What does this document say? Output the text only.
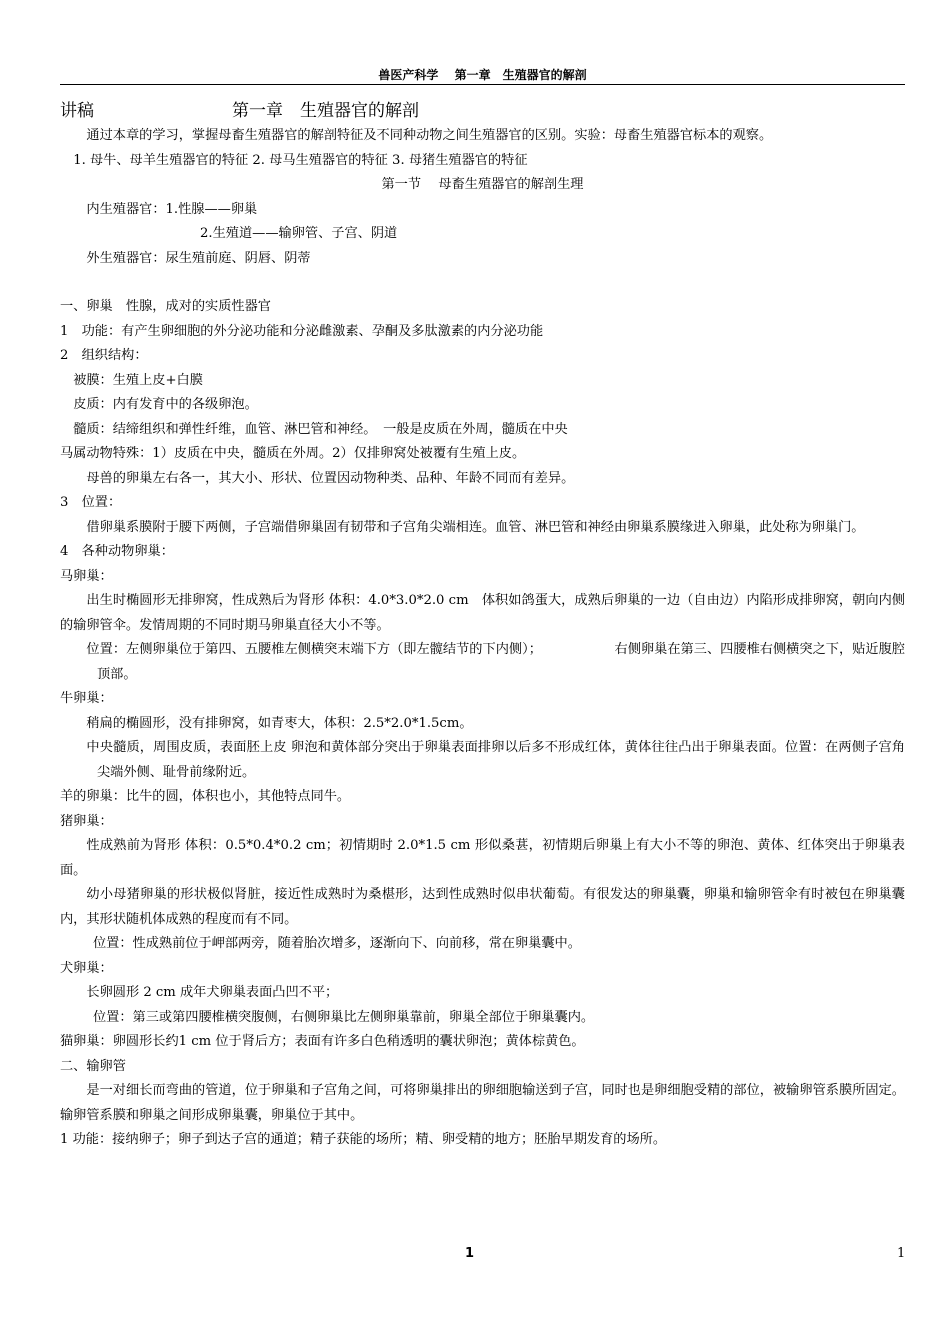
兽医产科学　 第一章　生殖器官的解剖

讲稿	第一章　生殖器官的解剖

通过本章的学习，掌握母畜生殖器官的解剖特征及不同种动物之间生殖器官的区别。实验：母畜生殖器官标本的观察。

1. 母牛、母羊生殖器官的特征 2. 母马生殖器官的特征 3. 母猪生殖器官的特征

第一节　 母畜生殖器官的解剖生理

内生殖器官：1.性腺——卵巢

2.生殖道——输卵管、子宫、阴道

外生殖器官：尿生殖前庭、阴唇、阴蒂

一、卵巢　性腺，成对的实质性器官

1　功能：有产生卵细胞的外分泌功能和分泌雌激素、孕酮及多肽激素的内分泌功能

2　组织结构：

被膜：生殖上皮+白膜

皮质：内有发育中的各级卵泡。

髓质：结缔组织和弹性纤维，血管、淋巴管和神经。　一般是皮质在外周，髓质在中央

马属动物特殊：1）皮质在中央，髓质在外周。2）仅排卵窝处被覆有生殖上皮。

母兽的卵巢左右各一，其大小、形状、位置因动物种类、品种、年龄不同而有差异。

3　位置：

借卵巢系膜附于腰下两侧，子宫端借卵巢固有韧带和子宫角尖端相连。血管、淋巴管和神经由卵巢系膜缘进入卵巢，此处称为卵巢门。

4　各种动物卵巢：

马卵巢：

出生时椭圆形无排卵窝，性成熟后为肾形 体积：4.0*3.0*2.0 cm　体积如鸽蛋大，成熟后卵巢的一边（自由边）内陷形成排卵窝，朝向内侧的输卵管伞。发情周期的不同时期马卵巢直径大小不等。

位置：左侧卵巢位于第四、五腰椎左侧横突末端下方（即左髋结节的下内侧）；　　　　　　右侧卵巢在第三、四腰椎右侧横突之下，贴近腹腔顶部。

牛卵巢：

稍扁的椭圆形，没有排卵窝，如青枣大，体积：2.5*2.0*1.5cm。

中央髓质，周围皮质，表面胚上皮 卵泡和黄体部分突出于卵巢表面排卵以后多不形成红体，黄体往往凸出于卵巢表面。位置：在两侧子宫角尖端外侧、耻骨前缘附近。

羊的卵巢：比牛的圆，体积也小，其他特点同牛。

猪卵巢：

性成熟前为肾形 体积：0.5*0.4*0.2 cm；初情期时 2.0*1.5 cm 形似桑葚，初情期后卵巢上有大小不等的卵泡、黄体、红体突出于卵巢表面。

幼小母猪卵巢的形状极似肾脏，接近性成熟时为桑椹形，达到性成熟时似串状葡萄。有很发达的卵巢囊，卵巢和输卵管伞有时被包在卵巢囊内，其形状随机体成熟的程度而有不同。

位置：性成熟前位于岬部两旁，随着胎次增多，逐渐向下、向前移，常在卵巢囊中。

犬卵巢：

长卵圆形 2 cm 成年犬卵巢表面凸凹不平；

位置：第三或第四腰椎横突腹侧，右侧卵巢比左侧卵巢靠前，卵巢全部位于卵巢囊内。

猫卵巢：卵圆形长约1 cm 位于肾后方；表面有许多白色稍透明的囊状卵泡；黄体棕黄色。

二、输卵管

是一对细长而弯曲的管道，位于卵巢和子宫角之间，可将卵巢排出的卵细胞输送到子宫，同时也是卵细胞受精的部位，被输卵管系膜所固定。输卵管系膜和卵巢之间形成卵巢囊，卵巢位于其中。

1 功能：接纳卵子；卵子到达子宫的通道；精子获能的场所；精、卵受精的地方；胚胎早期发育的场所。

1	1
